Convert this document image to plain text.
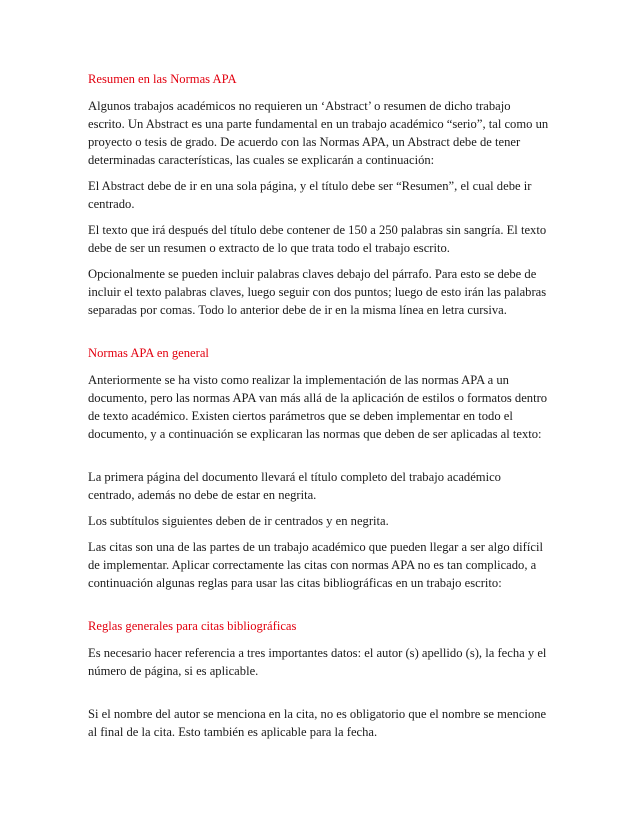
Resumen en las Normas APA

Algunos trabajos académicos no requieren un ‘Abstract’ o resumen de dicho trabajo escrito. Un Abstract es una parte fundamental en un trabajo académico “serio”, tal como un proyecto o tesis de grado. De acuerdo con las Normas APA, un Abstract debe de tener determinadas características, las cuales se explicarán a continuación:

El Abstract debe de ir en una sola página, y el título debe ser “Resumen”, el cual debe ir centrado.

El texto que irá después del título debe contener de 150 a 250 palabras sin sangría. El texto debe de ser un resumen o extracto de lo que trata todo el trabajo escrito.

Opcionalmente se pueden incluir palabras claves debajo del párrafo. Para esto se debe de incluir el texto palabras claves, luego seguir con dos puntos; luego de esto irán las palabras separadas por comas. Todo lo anterior debe de ir en la misma línea en letra cursiva.

Normas APA en general

Anteriormente se ha visto como realizar la implementación de las normas APA a un documento, pero las normas APA van más allá de la aplicación de estilos o formatos dentro de texto académico. Existen ciertos parámetros que se deben implementar en todo el documento, y a continuación se explicaran las normas que deben de ser aplicadas al texto:

La primera página del documento llevará el título completo del trabajo académico centrado, además no debe de estar en negrita.

Los subtítulos siguientes deben de ir centrados y en negrita.

Las citas son una de las partes de un trabajo académico que pueden llegar a ser algo difícil de implementar. Aplicar correctamente las citas con normas APA no es tan complicado, a continuación algunas reglas para usar las citas bibliográficas en un trabajo escrito:

Reglas generales para citas bibliográficas

Es necesario hacer referencia a tres importantes datos: el autor (s) apellido (s), la fecha y el número de página, si es aplicable.

Si el nombre del autor se menciona en la cita, no es obligatorio que el nombre se mencione al final de la cita. Esto también es aplicable para la fecha.
